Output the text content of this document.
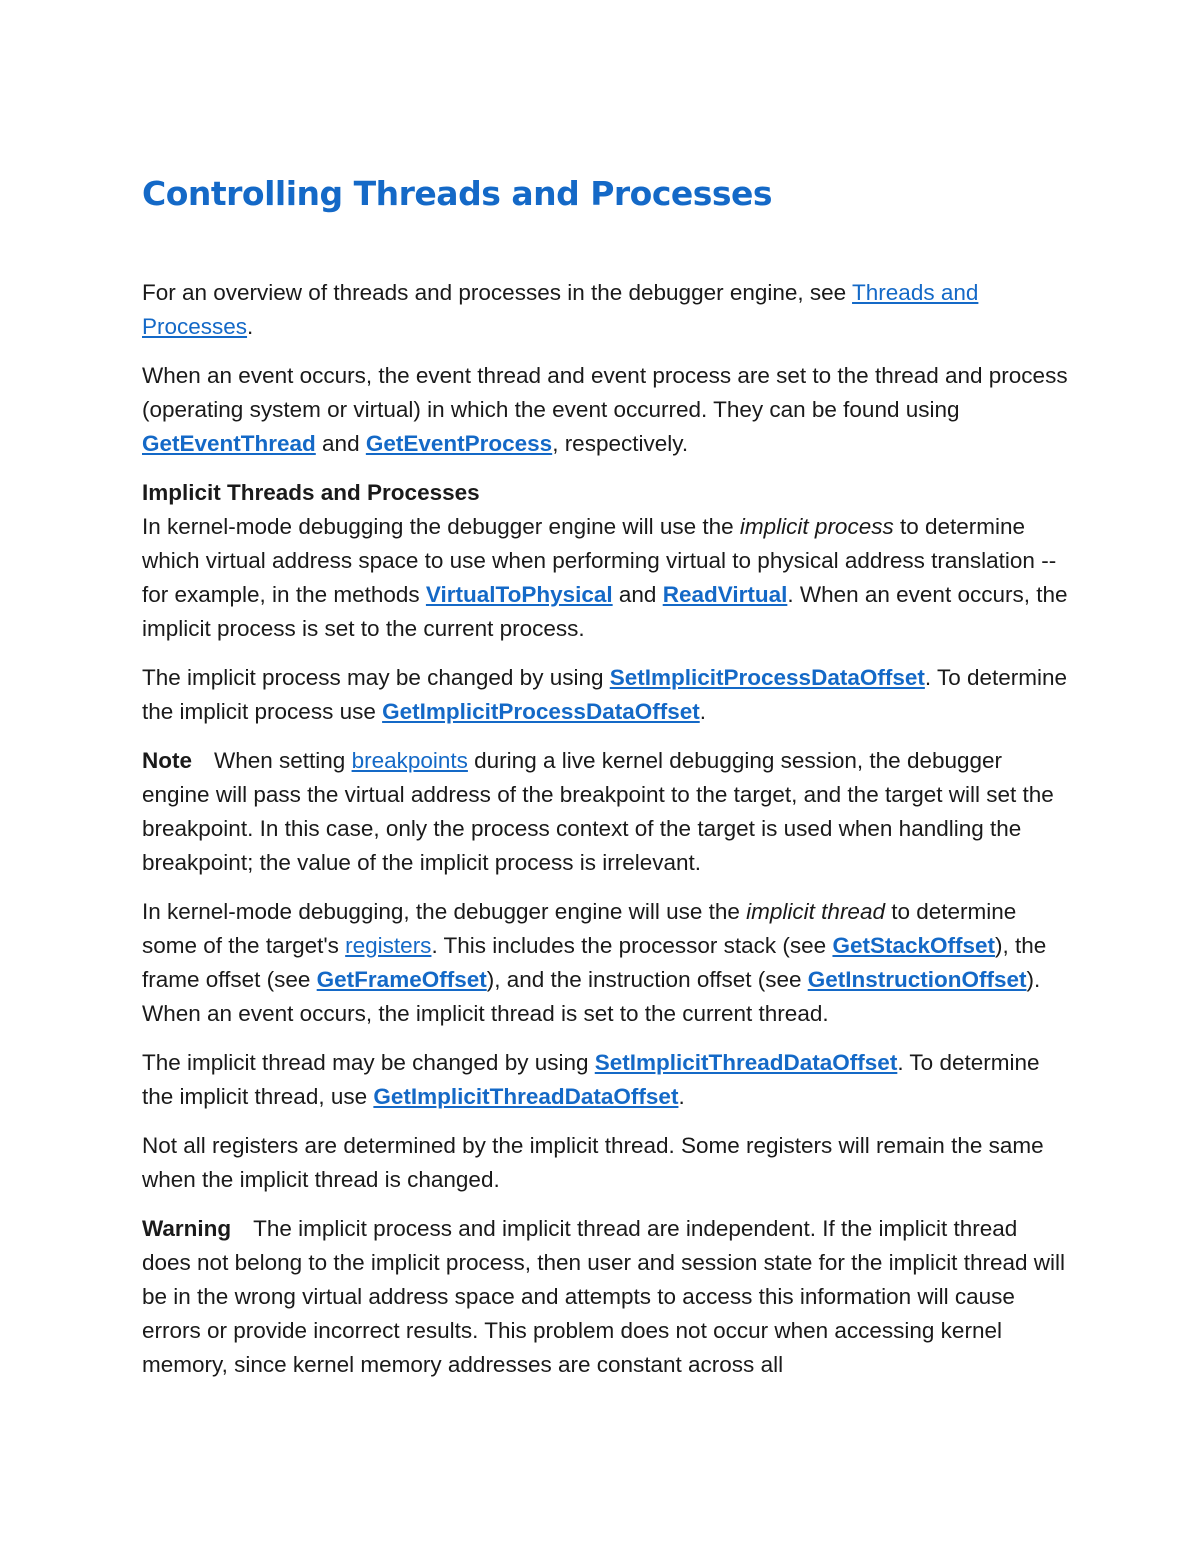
Controlling Threads and Processes

For an overview of threads and processes in the debugger engine, see Threads and Processes.

When an event occurs, the event thread and event process are set to the thread and process (operating system or virtual) in which the event occurred. They can be found using GetEventThread and GetEventProcess, respectively.

Implicit Threads and Processes
In kernel-mode debugging the debugger engine will use the implicit process to determine which virtual address space to use when performing virtual to physical address translation -- for example, in the methods VirtualToPhysical and ReadVirtual. When an event occurs, the implicit process is set to the current process.

The implicit process may be changed by using SetImplicitProcessDataOffset. To determine the implicit process use GetImplicitProcessDataOffset.

Note When setting breakpoints during a live kernel debugging session, the debugger engine will pass the virtual address of the breakpoint to the target, and the target will set the breakpoint. In this case, only the process context of the target is used when handling the breakpoint; the value of the implicit process is irrelevant.

In kernel-mode debugging, the debugger engine will use the implicit thread to determine some of the target's registers. This includes the processor stack (see GetStackOffset), the frame offset (see GetFrameOffset), and the instruction offset (see GetInstructionOffset). When an event occurs, the implicit thread is set to the current thread.

The implicit thread may be changed by using SetImplicitThreadDataOffset. To determine the implicit thread, use GetImplicitThreadDataOffset.

Not all registers are determined by the implicit thread. Some registers will remain the same when the implicit thread is changed.

Warning The implicit process and implicit thread are independent. If the implicit thread does not belong to the implicit process, then user and session state for the implicit thread will be in the wrong virtual address space and attempts to access this information will cause errors or provide incorrect results. This problem does not occur when accessing kernel memory, since kernel memory addresses are constant across all
